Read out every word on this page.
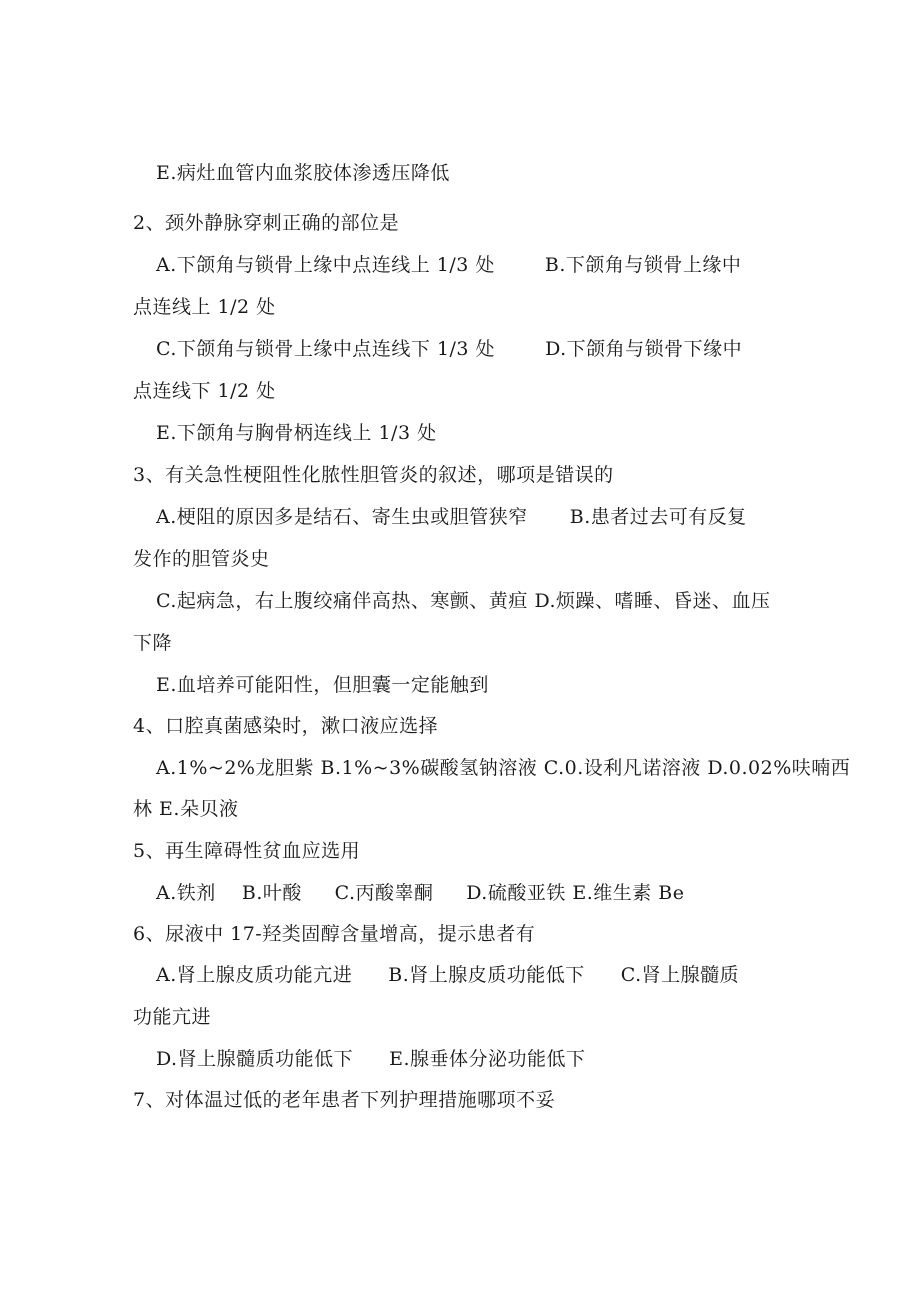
E.病灶血管内血浆胶体渗透压降低
2、颈外静脉穿刺正确的部位是
A.下颌角与锁骨上缘中点连线上 1/3 处	B.下颌角与锁骨上缘中
点连线上 1/2 处
C.下颌角与锁骨上缘中点连线下 1/3 处	D.下颌角与锁骨下缘中
点连线下 1/2 处
E.下颌角与胸骨柄连线上 1/3 处
3、有关急性梗阻性化脓性胆管炎的叙述，哪项是错误的
A.梗阻的原因多是结石、寄生虫或胆管狭窄 B.患者过去可有反复
发作的胆管炎史
C.起病急，右上腹绞痛伴高热、寒颤、黄疸 D.烦躁、嗜睡、昏迷、血压
下降
E.血培养可能阳性，但胆囊一定能触到
4、口腔真菌感染时，漱口液应选择
A.1%~2%龙胆紫 B.1%~3%碳酸氢钠溶液 C.0.设利凡诺溶液 D.0.02%呋喃西
林 E.朵贝液
5、再生障碍性贫血应选用
A.铁剂    B.叶酸     C.丙酸睾酮     D.硫酸亚铁 E.维生素 Be
6、尿液中 17-羟类固醇含量增高，提示患者有
A.肾上腺皮质功能亢进 B.肾上腺皮质功能低下 C.肾上腺髓质
功能亢进
D.肾上腺髓质功能低下 E.腺垂体分泌功能低下
7、对体温过低的老年患者下列护理措施哪项不妥
